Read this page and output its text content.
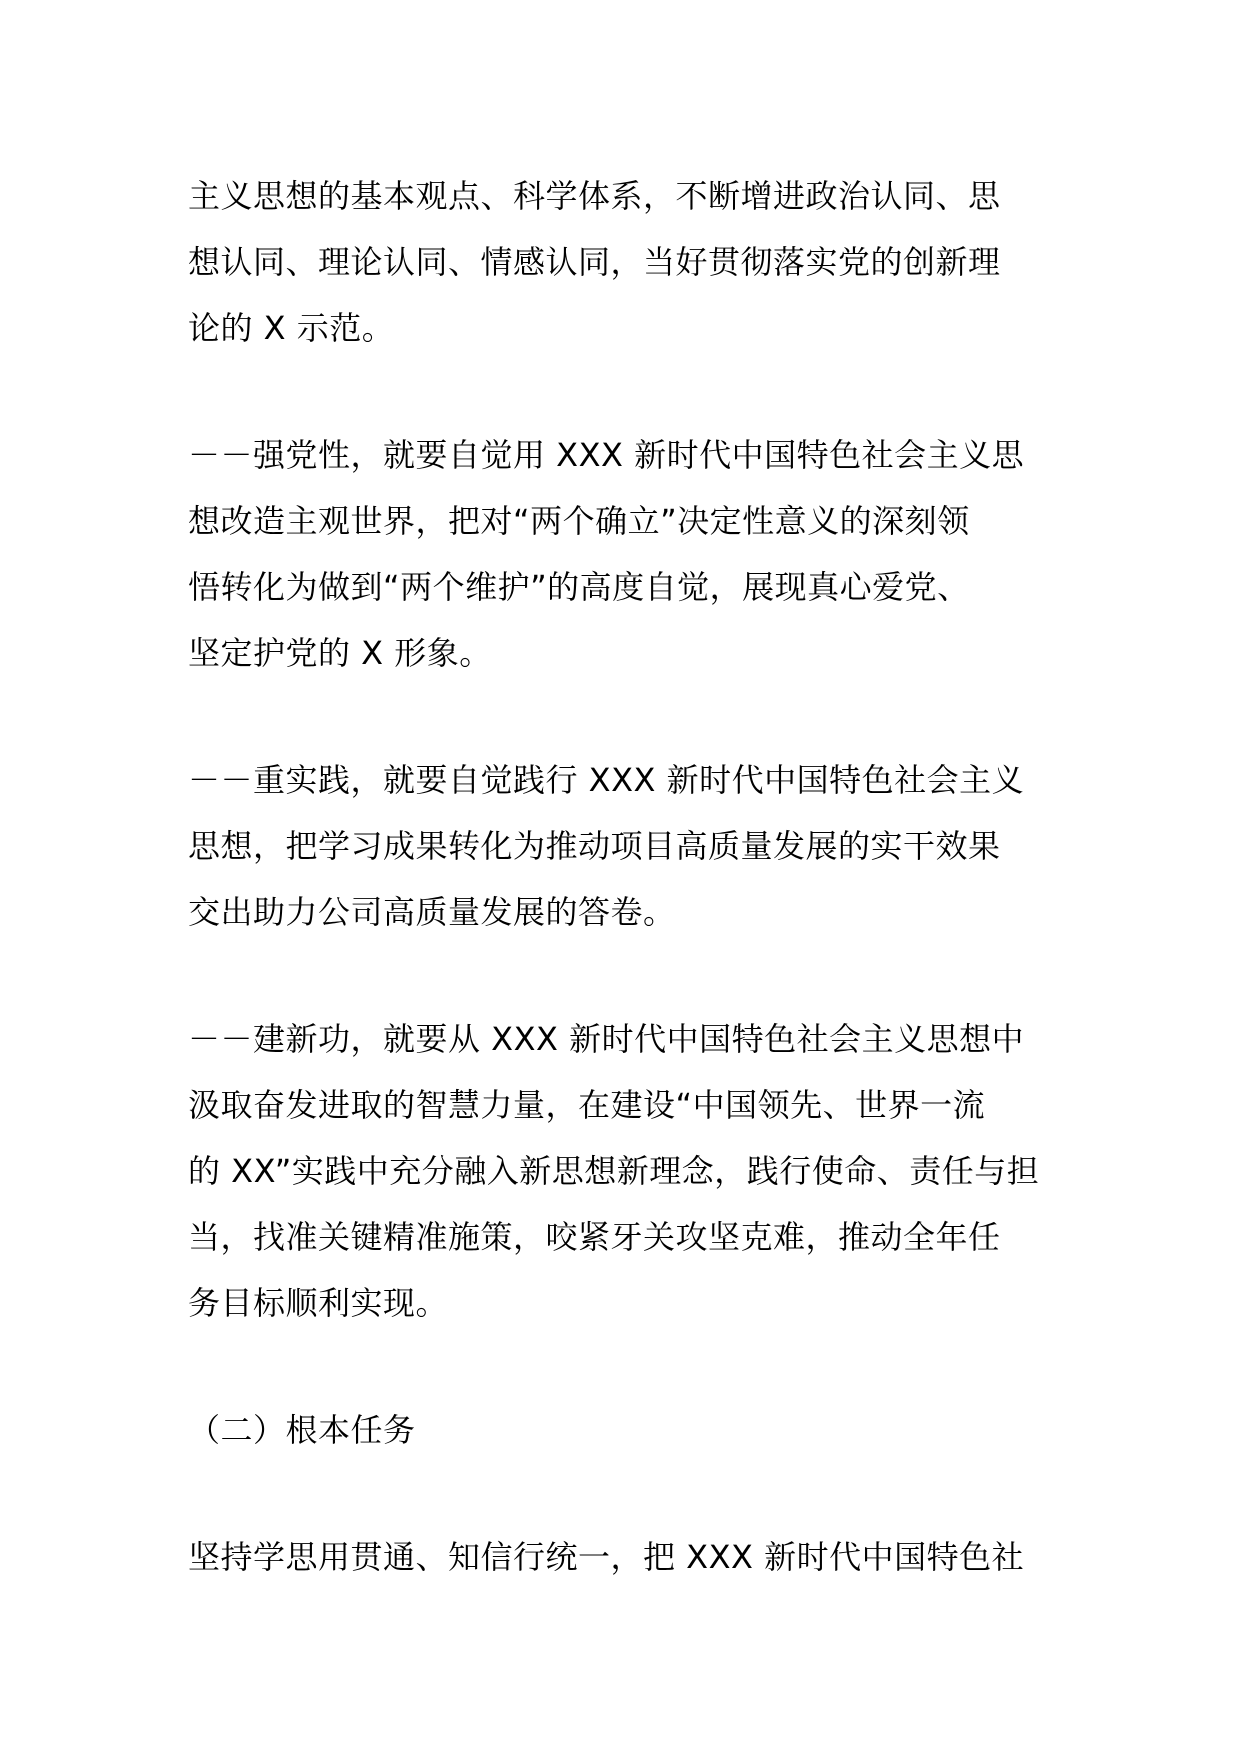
主义思想的基本观点、科学体系，不断增进政治认同、思
想认同、理论认同、情感认同，当好贯彻落实党的创新理
论的 X 示范。
－－强党性，就要自觉用 XXX 新时代中国特色社会主义思
想改造主观世界，把对“两个确立”决定性意义的深刻领
悟转化为做到“两个维护”的高度自觉，展现真心爱党、
坚定护党的 X 形象。
－－重实践，就要自觉践行 XXX 新时代中国特色社会主义
思想，把学习成果转化为推动项目高质量发展的实干效果
交出助力公司高质量发展的答卷。
－－建新功，就要从 XXX 新时代中国特色社会主义思想中
汲取奋发进取的智慧力量，在建设“中国领先、世界一流
的 XX”实践中充分融入新思想新理念，践行使命、责任与担
当，找准关键精准施策，咬紧牙关攻坚克难，推动全年任
务目标顺利实现。
（二）根本任务
坚持学思用贯通、知信行统一，把 XXX 新时代中国特色社
